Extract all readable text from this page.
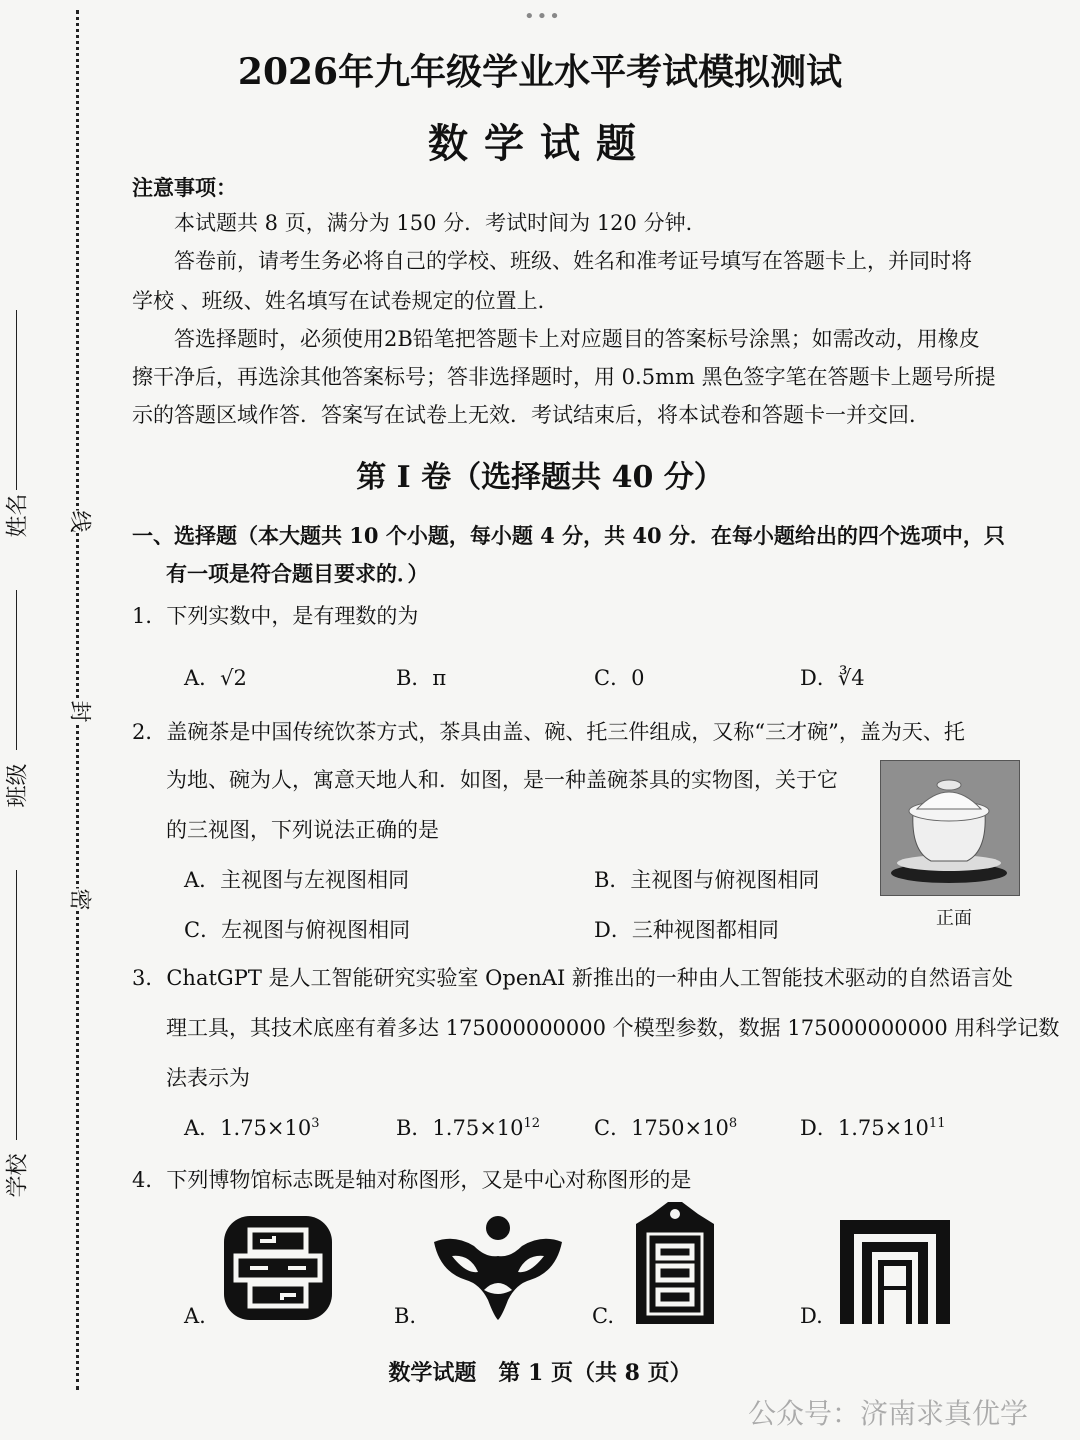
•••
线
封
密
姓名
班级
学校
2026年九年级学业水平考试模拟测试
数学试题
注意事项：
本试题共 8 页，满分为 150 分．考试时间为 120 分钟．
答卷前，请考生务必将自己的学校、班级、姓名和准考证号填写在答题卡上，并同时将
学校 、班级、姓名填写在试卷规定的位置上．
答选择题时，必须使用2B铅笔把答题卡上对应题目的答案标号涂黑；如需改动，用橡皮
擦干净后，再选涂其他答案标号；答非选择题时，用 0.5mm 黑色签字笔在答题卡上题号所提
示的答题区域作答．答案写在试卷上无效．考试结束后，将本试卷和答题卡一并交回．
第 I 卷（选择题共 40 分）
一、选择题（本大题共 10 个小题，每小题 4 分，共 40 分．在每小题给出的四个选项中，只
有一项是符合题目要求的．）
1．下列实数中，是有理数的为
A．√2	B．π	C．0	D．∛4
2．盖碗茶是中国传统饮茶方式，茶具由盖、碗、托三件组成，又称“三才碗”，盖为天、托
为地、碗为人，寓意天地人和．如图，是一种盖碗茶具的实物图，关于它
的三视图，下列说法正确的是
A．主视图与左视图相同	B．主视图与俯视图相同
C．左视图与俯视图相同	D．三种视图都相同	正面
3．ChatGPT 是人工智能研究实验室 OpenAI 新推出的一种由人工智能技术驱动的自然语言处
理工具，其技术底座有着多达 175000000000 个模型参数，数据 175000000000 用科学记数
法表示为
A．$1.75\times 10^3$	B．$1.75\times 10^{12}$	C．$1750\times 10^8$	D．$1.75\times 10^{11}$
4．下列博物馆标志既是轴对称图形，又是中心对称图形的是
A.	B.	C.	D.
数学试题　第 1 页（共 8 页）
公众号：济南求真优学
